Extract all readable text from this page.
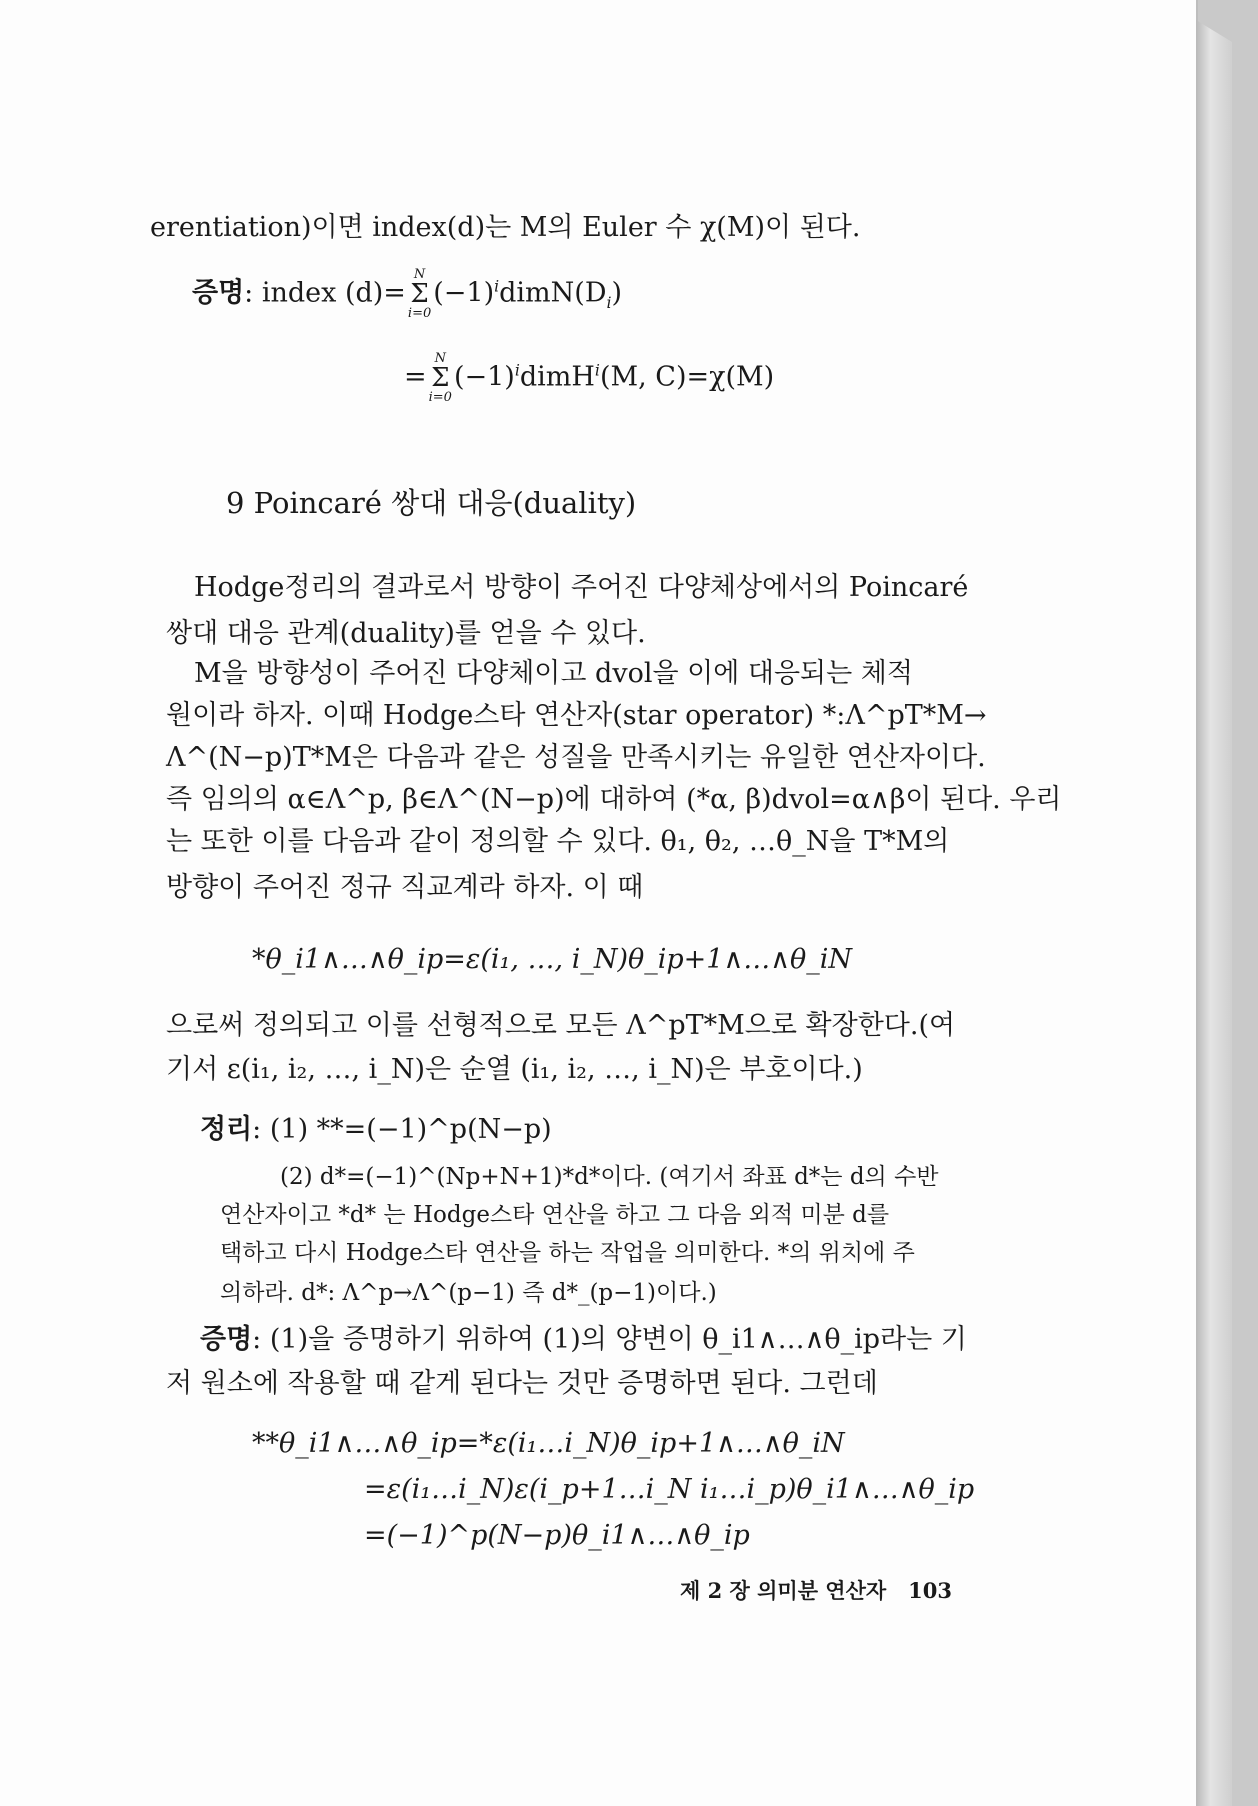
erentiation)이면 index(d)는 M의 Euler 수 χ(M)이 된다.
증명: index (d)=
N
Σ
i=0
$(-1)^idimN(D_i)$
=
N
Σ
i=0
$(-1)^idimH^i(M$, C)=χ(M)
9 Poincaré 쌍대 대응(duality)
Hodge정리의 결과로서 방향이 주어진 다양체상에서의 Poincaré
쌍대 대응 관계(duality)를 얻을 수 있다.
M을 방향성이 주어진 다양체이고 dvol을 이에 대응되는 체적
원이라 하자. 이때 Hodge스타 연산자(star operator) *:Λ^pT*M→
Λ^(N−p)T*M은 다음과 같은 성질을 만족시키는 유일한 연산자이다.
즉 임의의 α∈Λ^p, β∈Λ^(N−p)에 대하여 (*α, β)dvol=α∧β이 된다. 우리
는 또한 이를 다음과 같이 정의할 수 있다. θ₁, θ₂, …θ_N을 T*M의
방향이 주어진 정규 직교계라 하자. 이 때
*θ_i1∧…∧θ_ip=ε(i₁, …, i_N)θ_ip+1∧…∧θ_iN
으로써 정의되고 이를 선형적으로 모든 Λ^pT*M으로 확장한다.(여
기서 ε(i₁, i₂, …, i_N)은 순열 (i₁, i₂, …, i_N)은 부호이다.)
정리: (1) **=(−1)^p(N−p)
(2) d*=(−1)^(Np+N+1)*d*이다. (여기서 좌표 d*는 d의 수반
연산자이고 *d* 는 Hodge스타 연산을 하고 그 다음 외적 미분 d를
택하고 다시 Hodge스타 연산을 하는 작업을 의미한다. *의 위치에 주
의하라. d*: Λ^p→Λ^(p−1) 즉 d*_(p−1)이다.)
증명: (1)을 증명하기 위하여 (1)의 양변이 θ_i1∧…∧θ_ip라는 기
저 원소에 작용할 때 같게 된다는 것만 증명하면 된다. 그런데
**θ_i1∧…∧θ_ip=*ε(i₁…i_N)θ_ip+1∧…∧θ_iN
=ε(i₁…i_N)ε(i_p+1…i_N i₁…i_p)θ_i1∧…∧θ_ip
=(−1)^p(N−p)θ_i1∧…∧θ_ip
제 2 장 의미분 연산자 103
